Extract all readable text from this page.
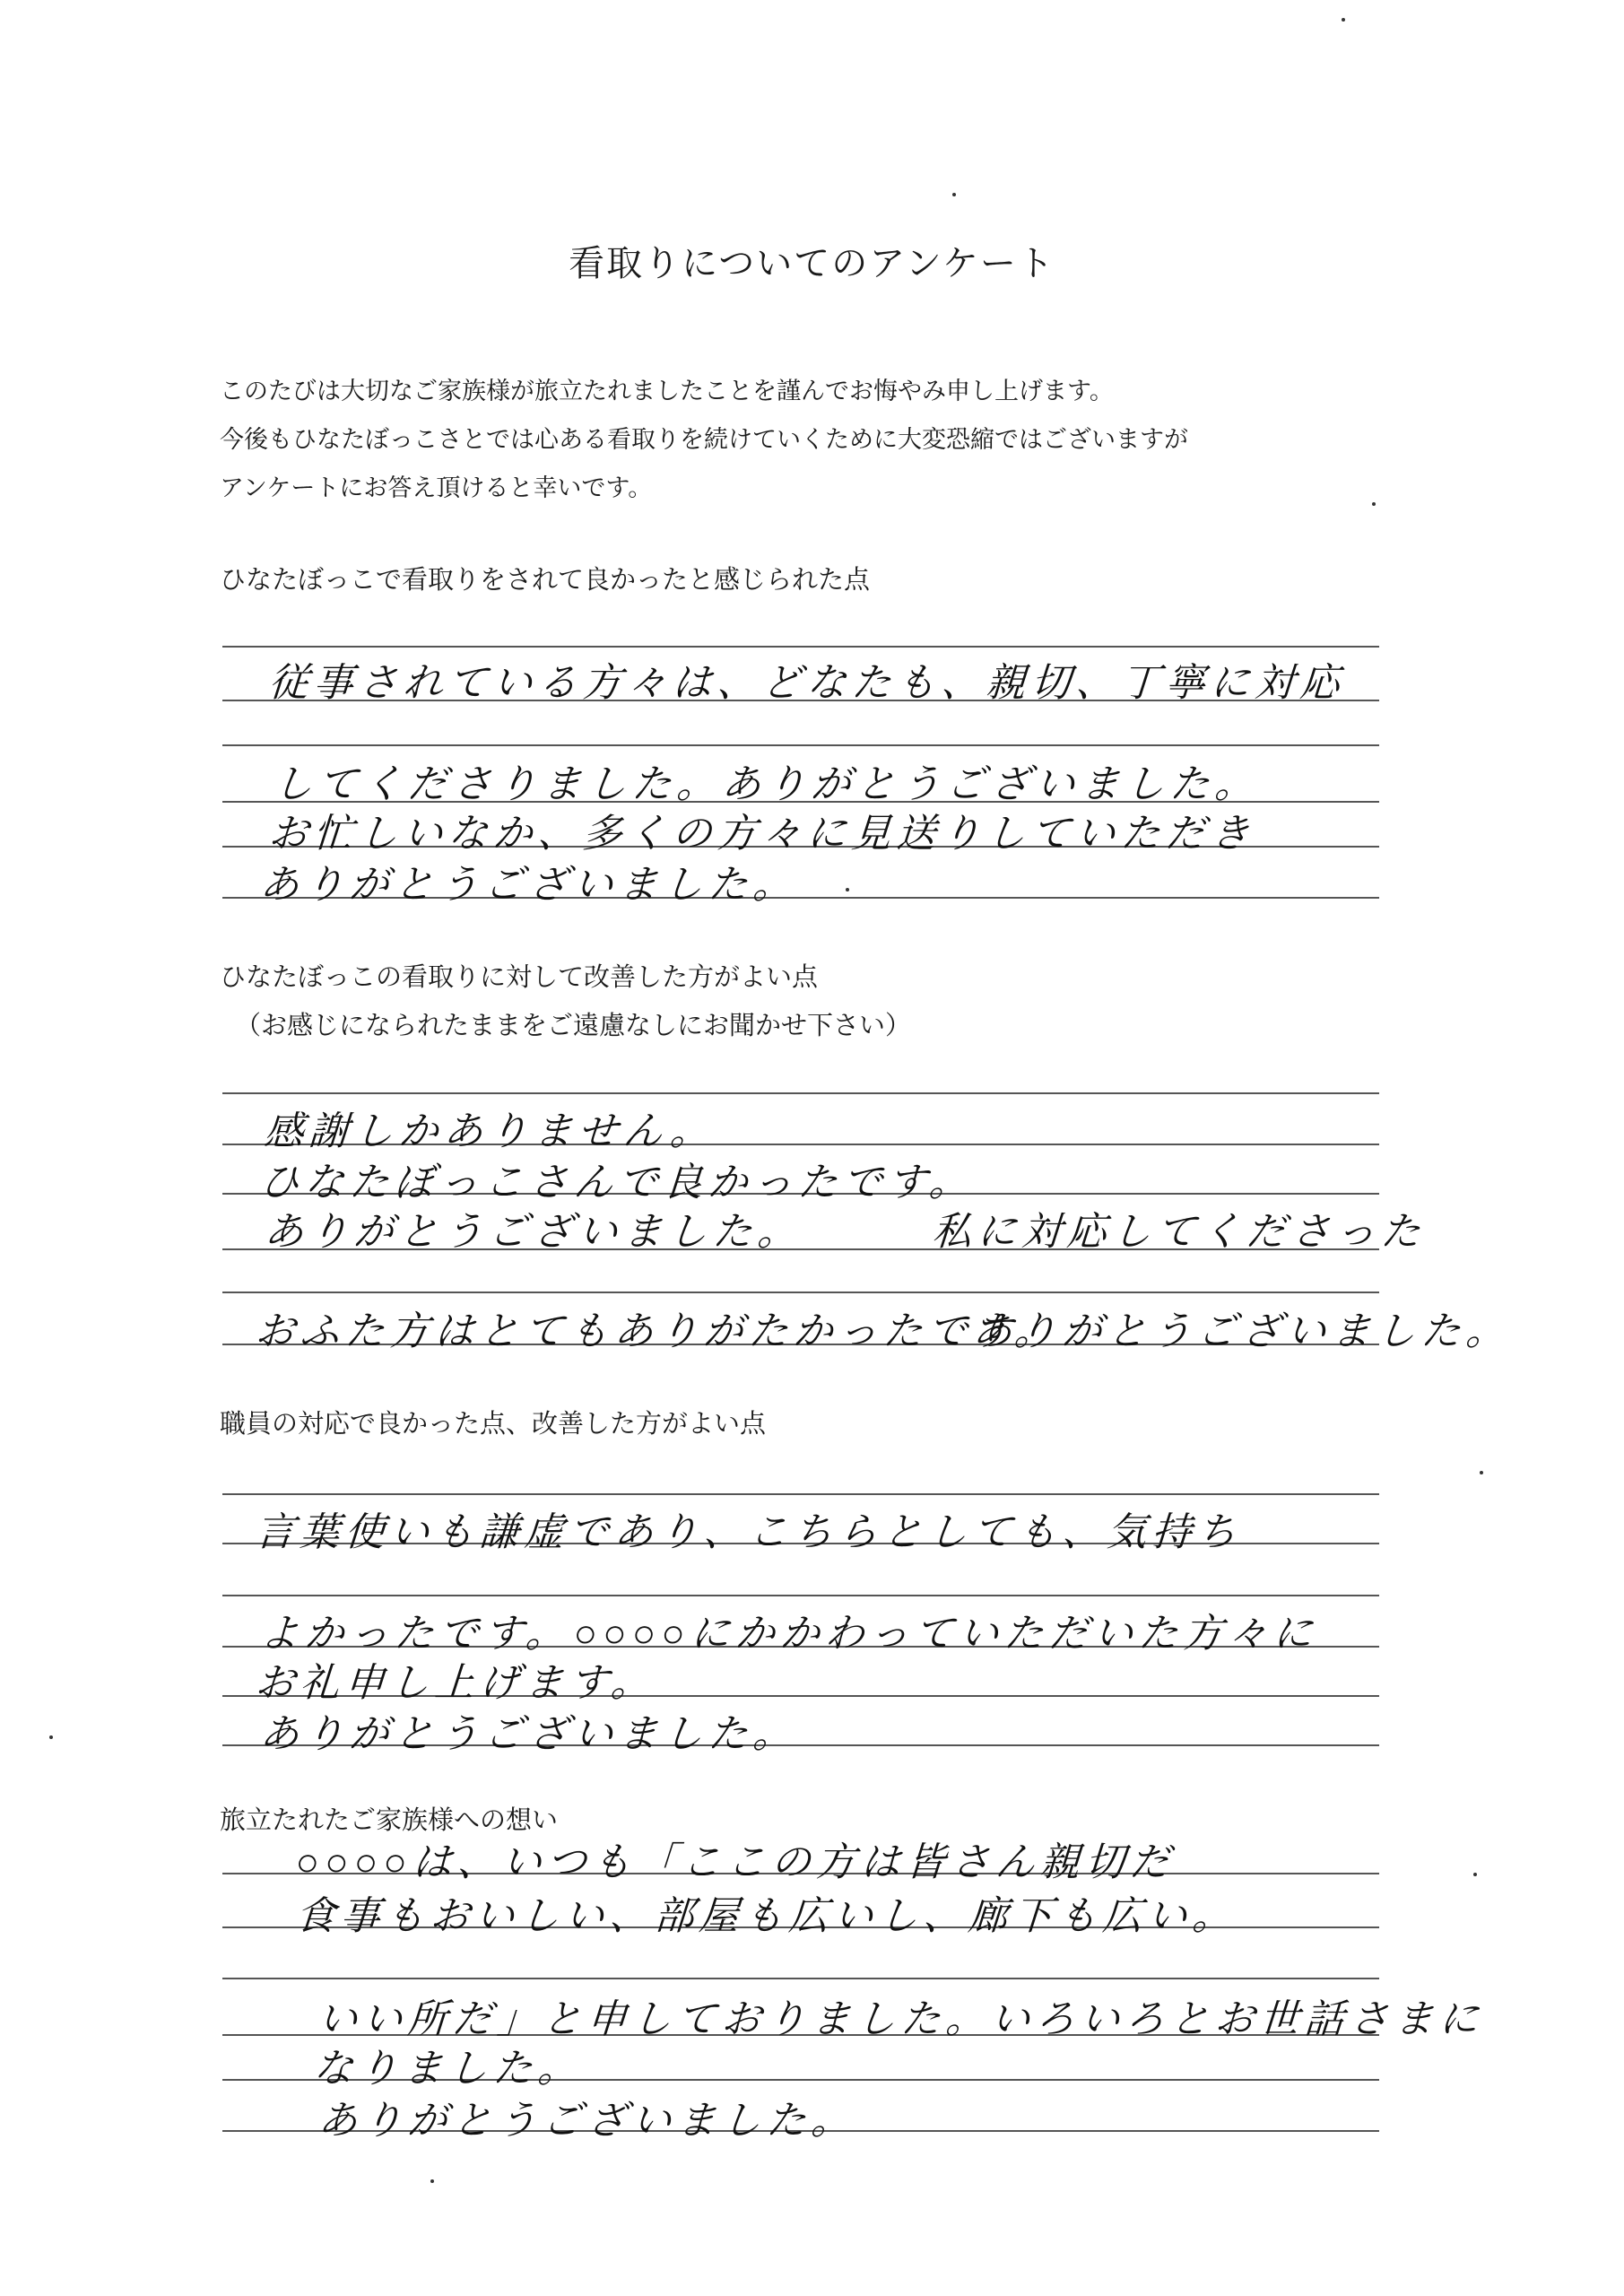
看取りについてのアンケート
このたびは大切なご家族様が旅立たれましたことを謹んでお悔やみ申し上げます。
今後もひなたぼっこさとでは心ある看取りを続けていくために大変恐縮ではございますが
アンケートにお答え頂けると幸いです。
ひなたぼっこで看取りをされて良かったと感じられた点
従事されている方々は、どなたも、親切、丁寧に対応
してくださりました。ありがとうございました。
お忙しいなか、多くの方々に見送りしていただき
ありがとうございました。
ひなたぼっこの看取りに対して改善した方がよい点
（お感じになられたままをご遠慮なしにお聞かせ下さい）
感謝しかありません。
ひなたぼっこさんで良かったです。
ありがとうございました。	私に対応してくださった
おふた方はとてもありがたかったです。
ありがとうございました。
職員の対応で良かった点、改善した方がよい点
言葉使いも謙虚であり、こちらとしても、気持ち
よかったです。 ○○○○にかかわっていただいた方々に
お礼申し上げます。
ありがとうございました。
旅立たれたご家族様への想い
○○○○は、いつも「ここの方は皆さん親切だ
食事もおいしい、部屋も広いし、廊下も広い。
いい所だ」と申しておりました。いろいろとお世話さまに
なりました。
ありがとうございました。
